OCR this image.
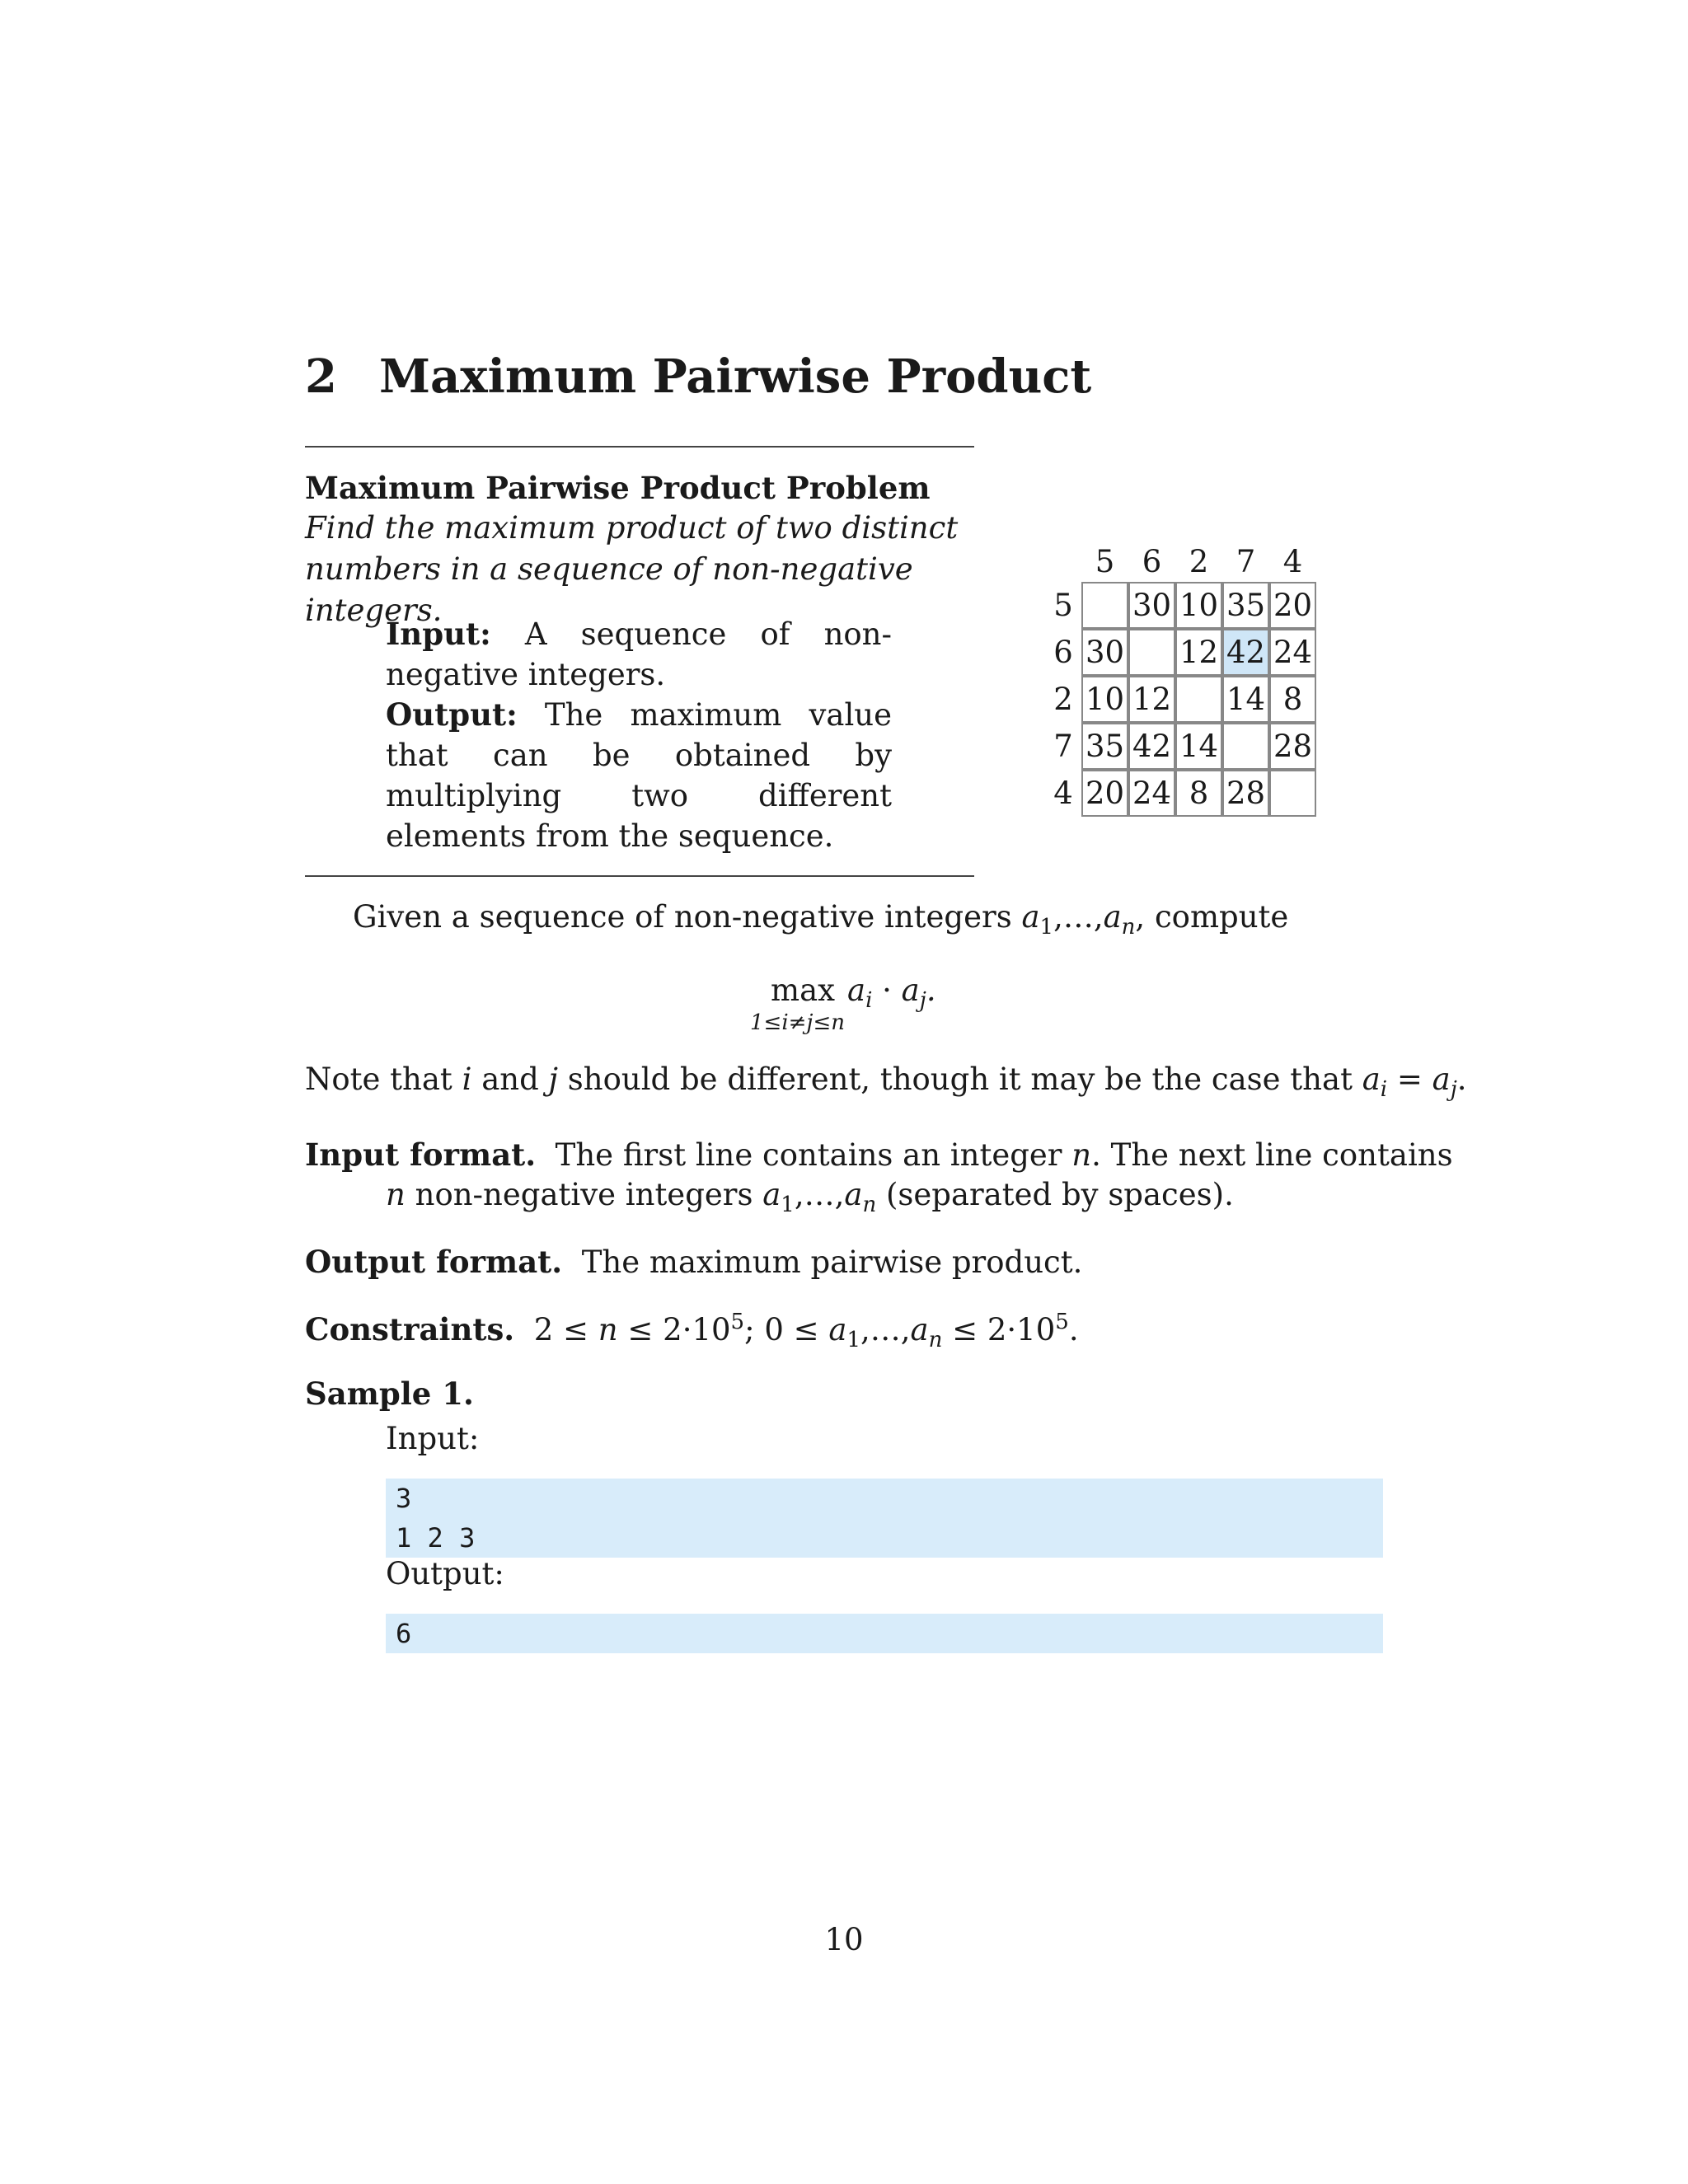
2 Maximum Pairwise Product
Maximum Pairwise Product Problem
Find the maximum product of two distinct numbers in a sequence of non-negative integers.

Input: A sequence of non-negative integers.

Output: The maximum value that can be obtained by multiplying two different elements from the sequence.

5 6 2 7 4
5 30 10 35 20
6 30 12 42 24
2 10 12 14 8
7 35 42 14 28
4 20 24 8 28
Given a sequence of non-negative integers $a_1,\dots,a_n$, compute
max
1≤i≠j≤n
$a_i \cdot a_j$.
Note that i and j should be different, though it may be the case that $a_i = a_j$.
Input format. The first line contains an integer n. The next line contains
n non-negative integers $a_1,\dots,a_n$ (separated by spaces).
Output format. The maximum pairwise product.
Constraints.  $2 \le n \le 2\cdot 10^5$; $0 \le a_1,\dots,a_n \le 2\cdot 10^5$.
Sample 1.
Input:
3
1 2 3
Output:
6
10
